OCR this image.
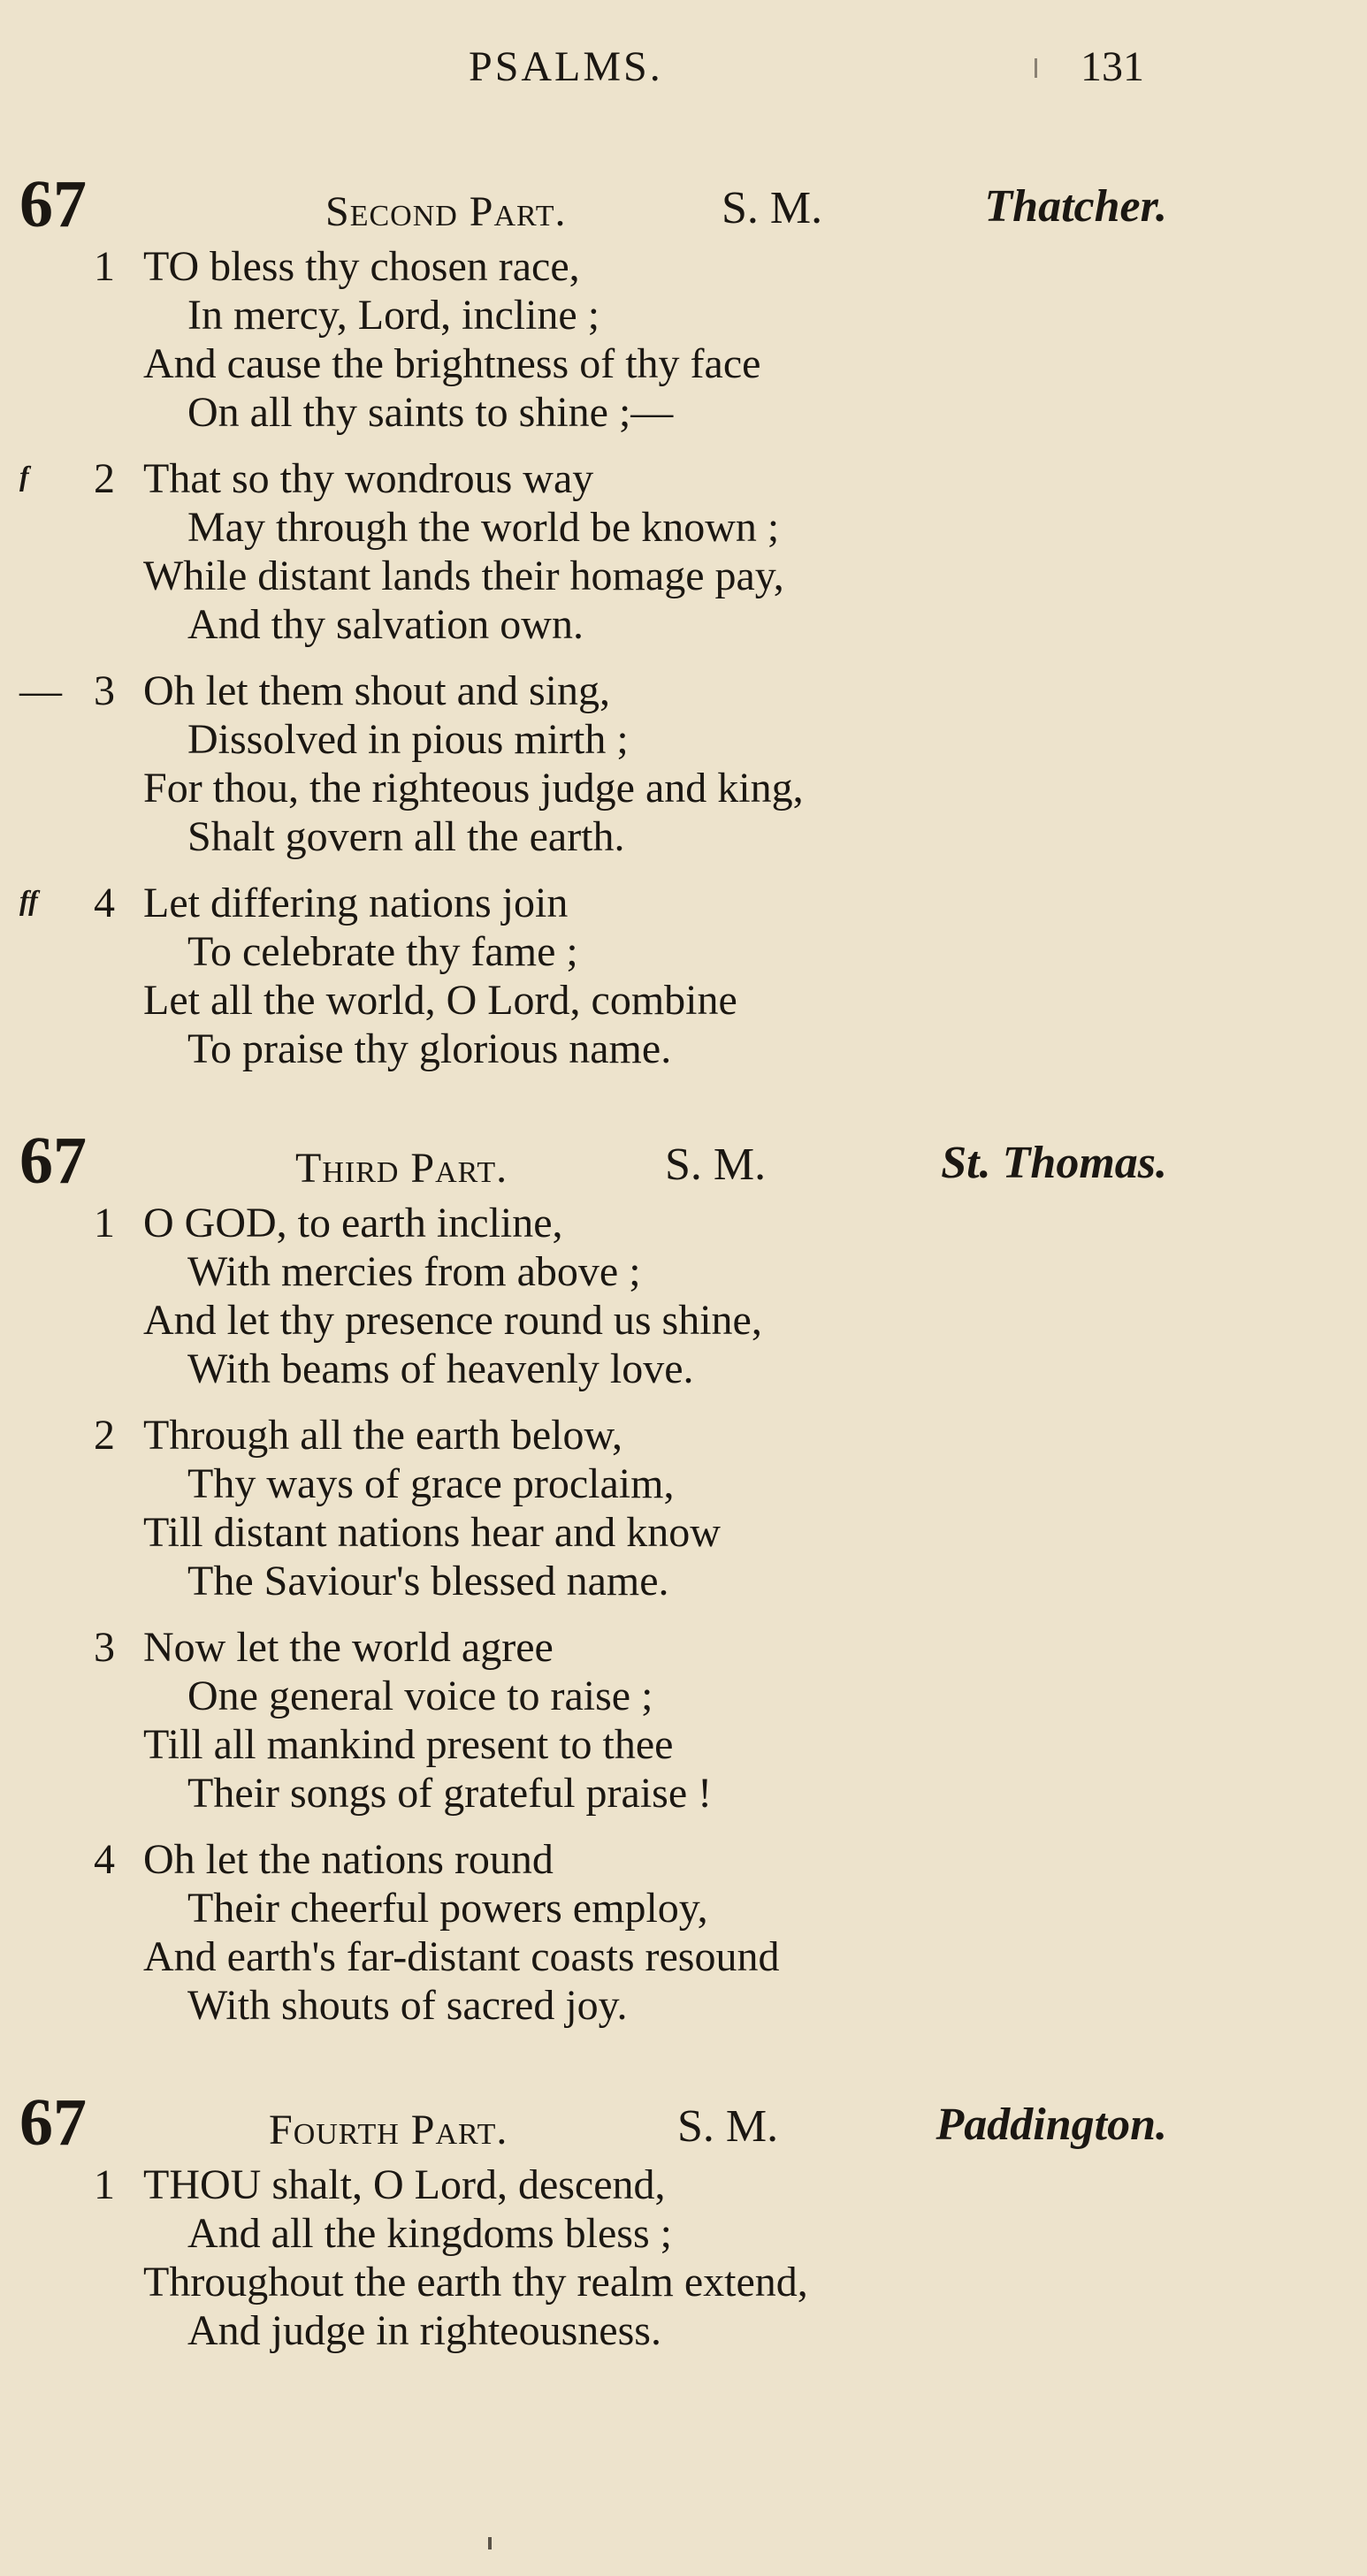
PSALMS.	131
67	Second Part.	S. M.	Thatcher.
1 TO bless thy chosen race,
In mercy, Lord, incline ;
And cause the brightness of thy face
On all thy saints to shine ;—
f 2 That so thy wondrous way
May through the world be known ;
While distant lands their homage pay,
And thy salvation own.
— 3 Oh let them shout and sing,
Dissolved in pious mirth ;
For thou, the righteous judge and king,
Shalt govern all the earth.
ff 4 Let differing nations join
To celebrate thy fame ;
Let all the world, O Lord, combine
To praise thy glorious name.
67	Third Part.	S. M.	St. Thomas.
1 O GOD, to earth incline,
With mercies from above ;
And let thy presence round us shine,
With beams of heavenly love.
2 Through all the earth below,
Thy ways of grace proclaim,
Till distant nations hear and know
The Saviour's blessed name.
3 Now let the world agree
One general voice to raise ;
Till all mankind present to thee
Their songs of grateful praise !
4 Oh let the nations round
Their cheerful powers employ,
And earth's far-distant coasts resound
With shouts of sacred joy.
67	Fourth Part.	S. M.	Paddington.
1 THOU shalt, O Lord, descend,
And all the kingdoms bless ;
Throughout the earth thy realm extend,
And judge in righteousness.
